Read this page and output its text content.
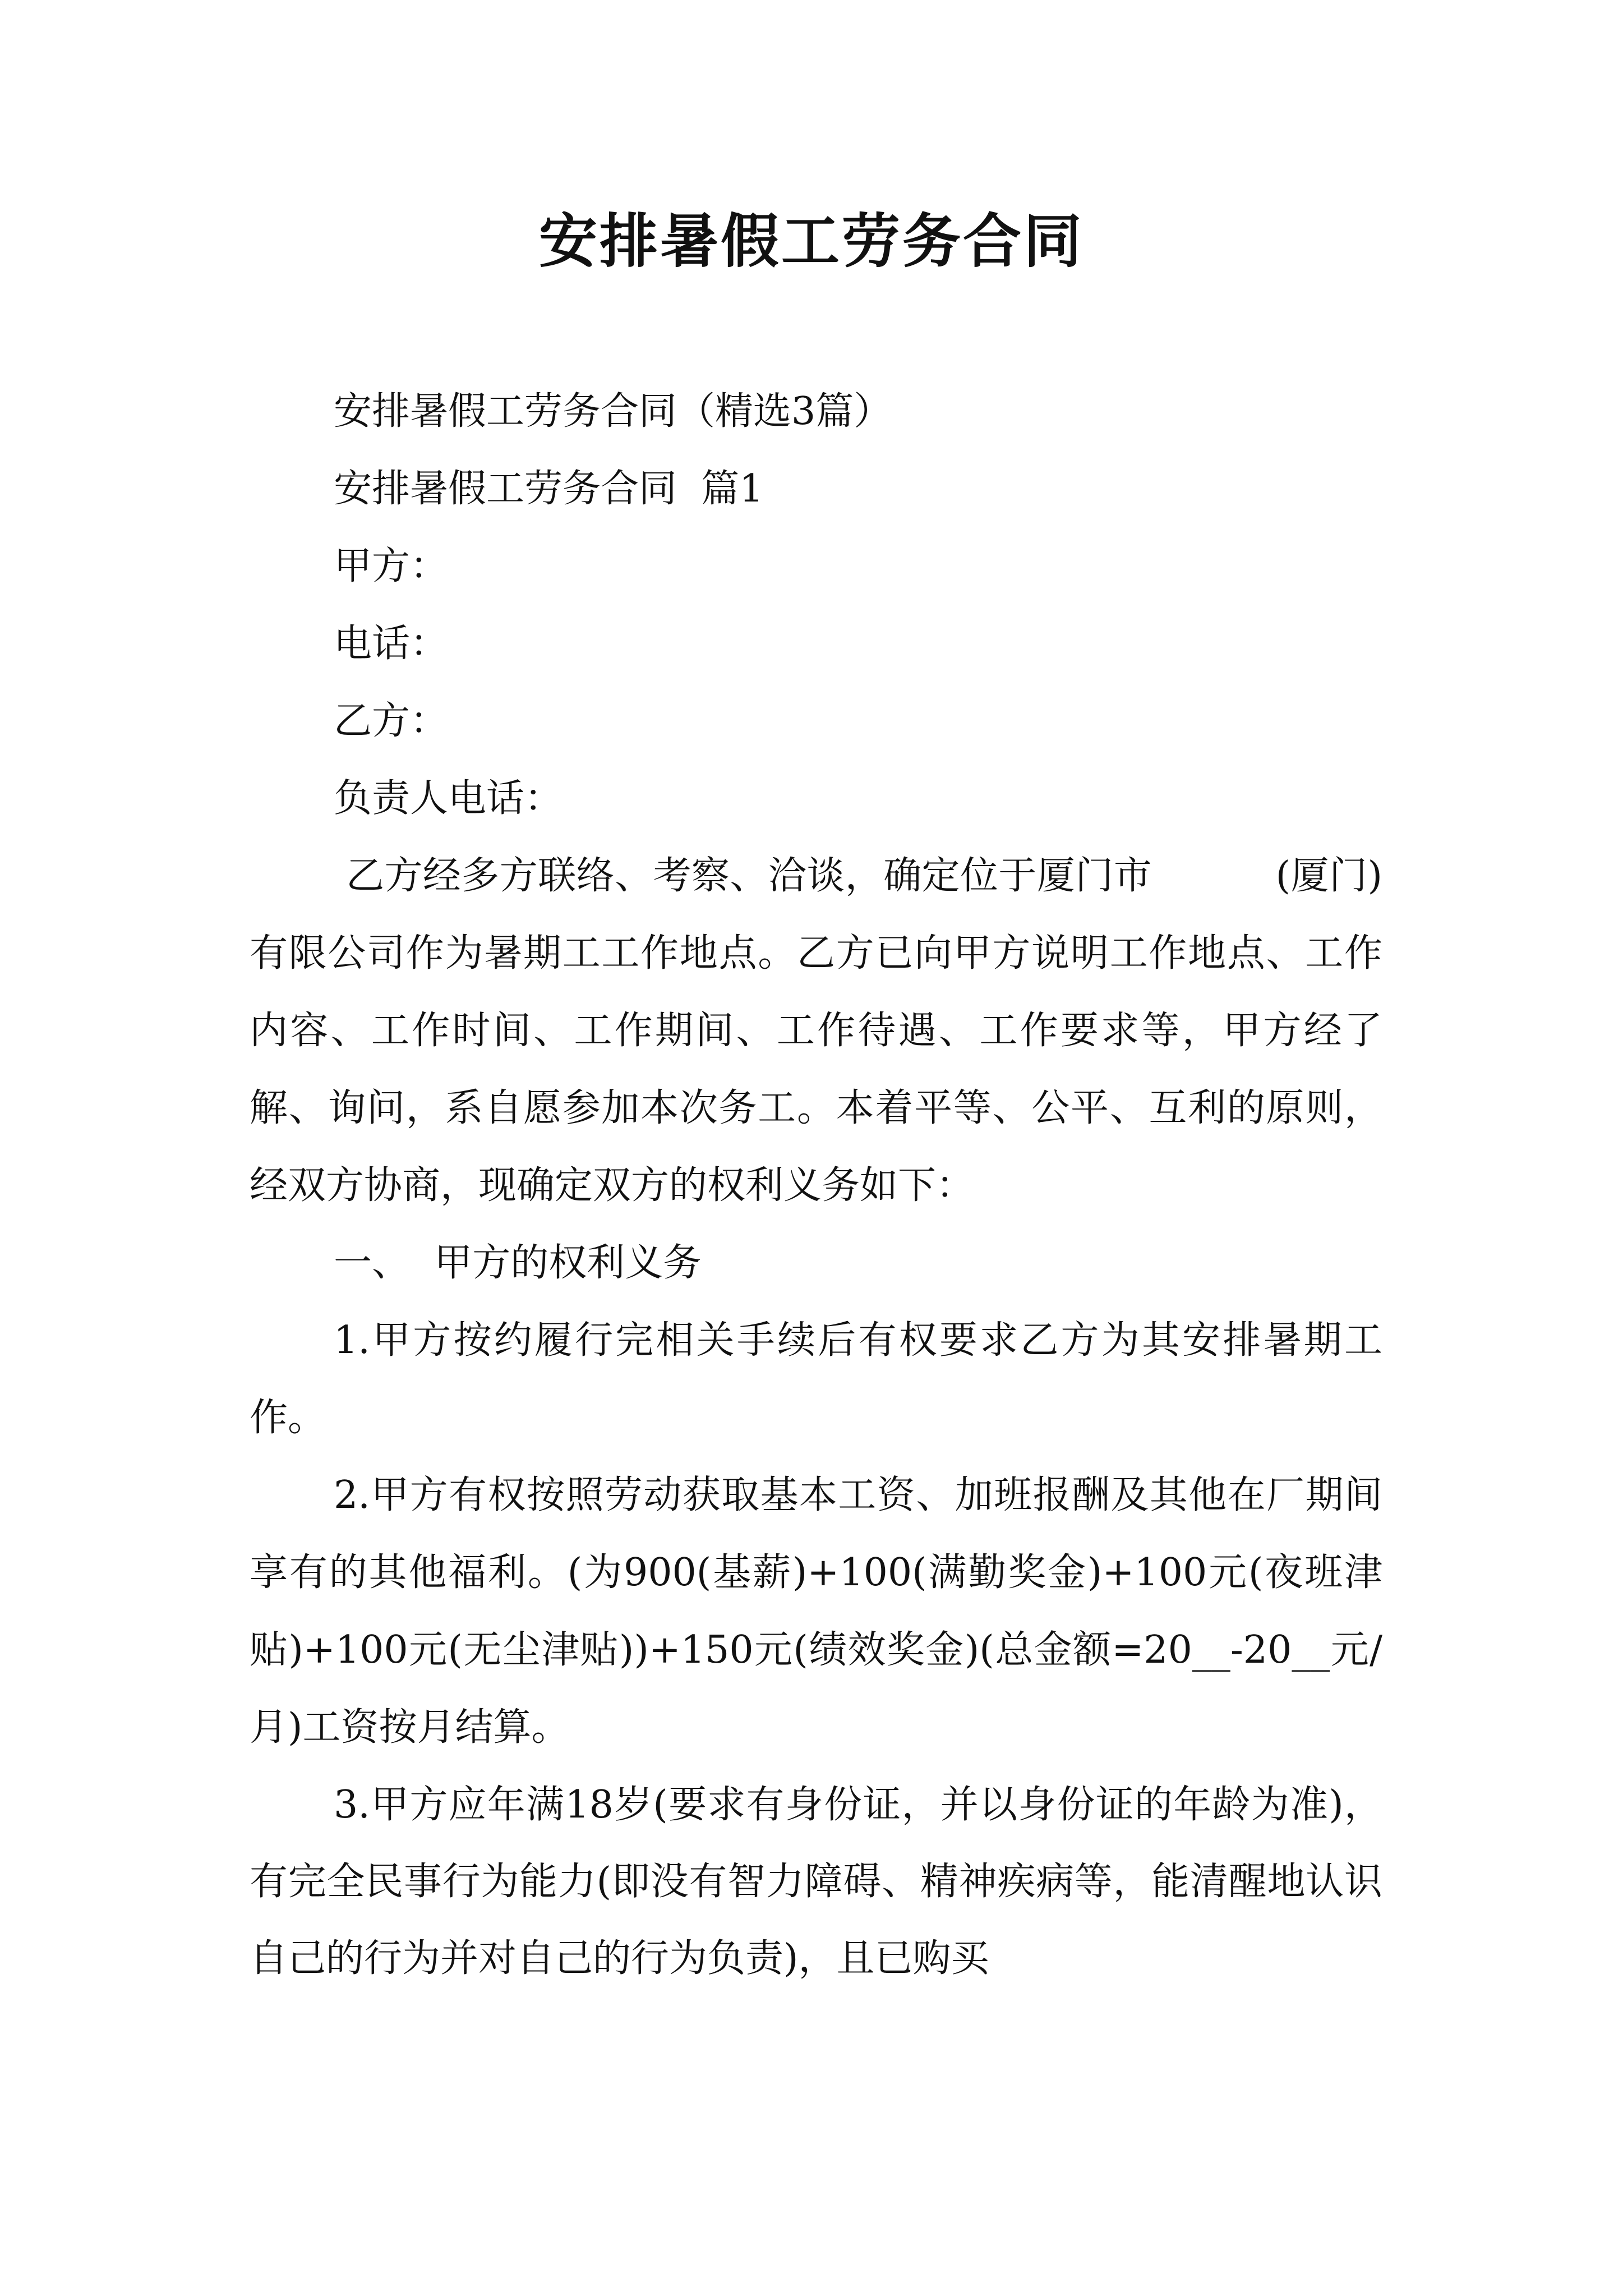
安排暑假工劳务合同

安排暑假工劳务合同（精选3篇）

安排暑假工劳务合同  篇1

甲方：

电话：

乙方：

负责人电话：

乙方经多方联络、考察、洽谈，确定位于厦门市          (厦门)有限公司作为暑期工工作地点。乙方已向甲方说明工作地点、工作内容、工作时间、工作期间、工作待遇、工作要求等，甲方经了解、询问，系自愿参加本次务工。本着平等、公平、互利的原则，经双方协商，现确定双方的权利义务如下：

一、  甲方的权利义务

1.甲方按约履行完相关手续后有权要求乙方为其安排暑期工作。

2.甲方有权按照劳动获取基本工资、加班报酬及其他在厂期间享有的其他福利。(为900(基薪)+100(满勤奖金)+100元(夜班津贴)+100元(无尘津贴))+150元(绩效奖金)(总金额=20__-20__元/月)工资按月结算。

3.甲方应年满18岁(要求有身份证，并以身份证的年龄为准)，有完全民事行为能力(即没有智力障碍、精神疾病等，能清醒地认识自己的行为并对自己的行为负责)，且已购买
